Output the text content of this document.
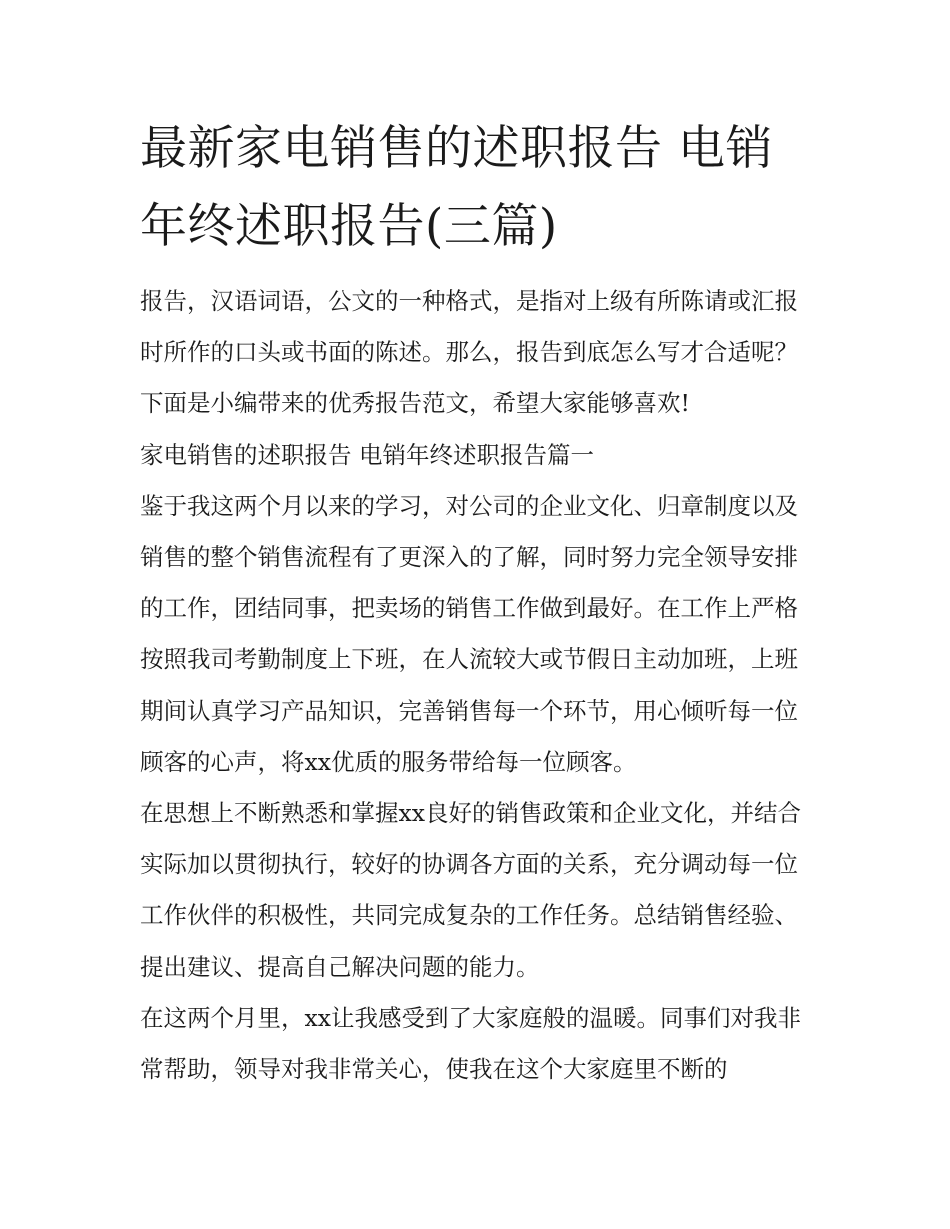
最新家电销售的述职报告 电销年终述职报告(三篇)

报告，汉语词语，公文的一种格式，是指对上级有所陈请或汇报时所作的口头或书面的陈述。那么，报告到底怎么写才合适呢？下面是小编带来的优秀报告范文，希望大家能够喜欢!

家电销售的述职报告 电销年终述职报告篇一

鉴于我这两个月以来的学习，对公司的企业文化、归章制度以及销售的整个销售流程有了更深入的了解，同时努力完全领导安排的工作，团结同事，把卖场的销售工作做到最好。在工作上严格按照我司考勤制度上下班，在人流较大或节假日主动加班，上班期间认真学习产品知识，完善销售每一个环节，用心倾听每一位顾客的心声，将xx优质的服务带给每一位顾客。

在思想上不断熟悉和掌握xx良好的销售政策和企业文化，并结合实际加以贯彻执行，较好的协调各方面的关系，充分调动每一位工作伙伴的积极性，共同完成复杂的工作任务。总结销售经验、提出建议、提高自己解决问题的能力。

在这两个月里，xx让我感受到了大家庭般的温暖。同事们对我非常帮助，领导对我非常关心，使我在这个大家庭里不断的
